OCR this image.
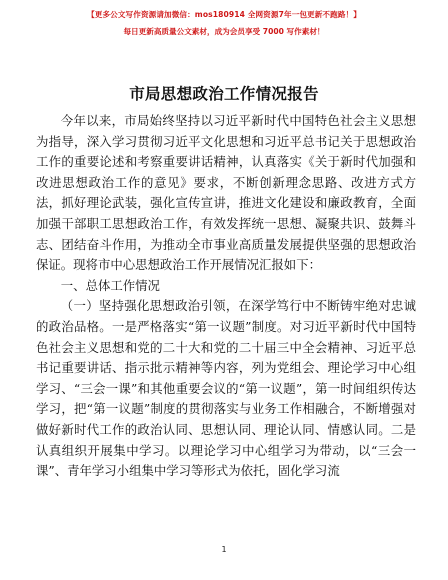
【更多公文写作资源请加微信：mos180914 全网资源7年一包更新不跑路！】
每日更新高质量公文素材，成为会员享受 7000 写作素材！
市局思想政治工作情况报告

今年以来，市局始终坚持以习近平新时代中国特色社会主义思想为指导，深入学习贯彻习近平文化思想和习近平总书记关于思想政治工作的重要论述和考察重要讲话精神，认真落实《关于新时代加强和改进思想政治工作的意见》要求，不断创新理念思路、改进方式方法，抓好理论武装，强化宣传宣讲，推进文化建设和廉政教育，全面加强干部职工思想政治工作，有效发挥统一思想、凝聚共识、鼓舞斗志、团结奋斗作用，为推动全市事业高质量发展提供坚强的思想政治保证。现将市中心思想政治工作开展情况汇报如下：

一、总体工作情况

（一）坚持强化思想政治引领，在深学笃行中不断铸牢绝对忠诚的政治品格。一是严格落实“第一议题”制度。对习近平新时代中国特色社会主义思想和党的二十大和党的二十届三中全会精神、习近平总书记重要讲话、指示批示精神等内容，列为党组会、理论学习中心组学习、“三会一课”和其他重要会议的“第一议题”，第一时间组织传达学习，把“第一议题”制度的贯彻落实与业务工作相融合，不断增强对做好新时代工作的政治认同、思想认同、理论认同、情感认同。二是认真组织开展集中学习。以理论学习中心组学习为带动，以“三会一课”、青年学习小组集中学习等形式为依托，固化学习流

1
